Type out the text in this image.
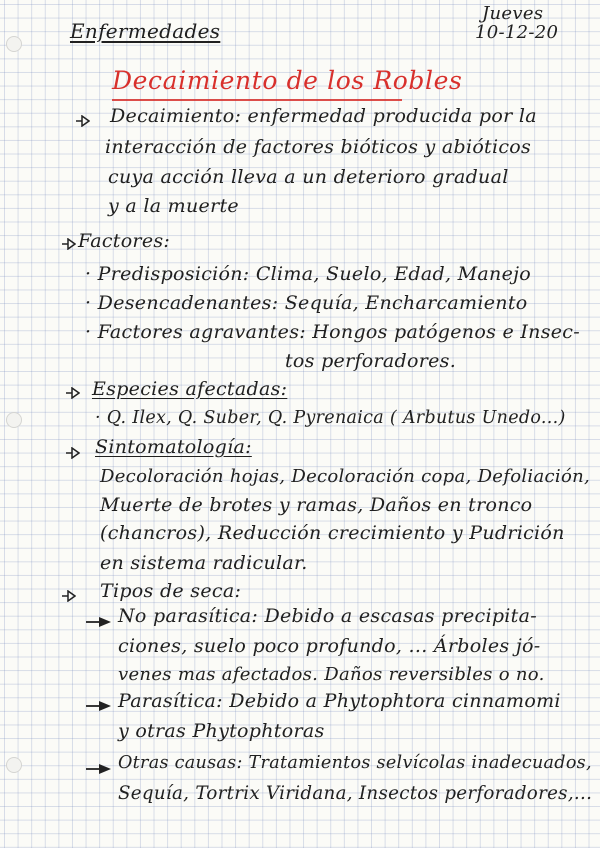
Enfermedades
Jueves
10-12-20
Decaimiento de los Robles
Decaimiento: enfermedad producida por la
interacción de factores bióticos y abióticos
cuya acción lleva a un deterioro gradual
y a la muerte
Factores:
· Predisposición: Clima, Suelo, Edad, Manejo
· Desencadenantes: Sequía, Encharcamiento
· Factores agravantes: Hongos patógenos e Insec-
tos perforadores.
Especies afectadas:
· Q. Ilex, Q. Suber, Q. Pyrenaica ( Arbutus Unedo...)
Sintomatología:
Decoloración hojas, Decoloración copa, Defoliación,
Muerte de brotes y ramas, Daños en tronco
(chancros), Reducción crecimiento y Pudrición
en sistema radicular.
Tipos de seca:
No parasítica: Debido a escasas precipita-
ciones, suelo poco profundo, ... Árboles jó-
venes mas afectados. Daños reversibles o no.
Parasítica: Debido a Phytophtora cinnamomi
y otras Phytophtoras
Otras causas: Tratamientos selvícolas inadecuados,
Sequía, Tortrix Viridana, Insectos perforadores,...
